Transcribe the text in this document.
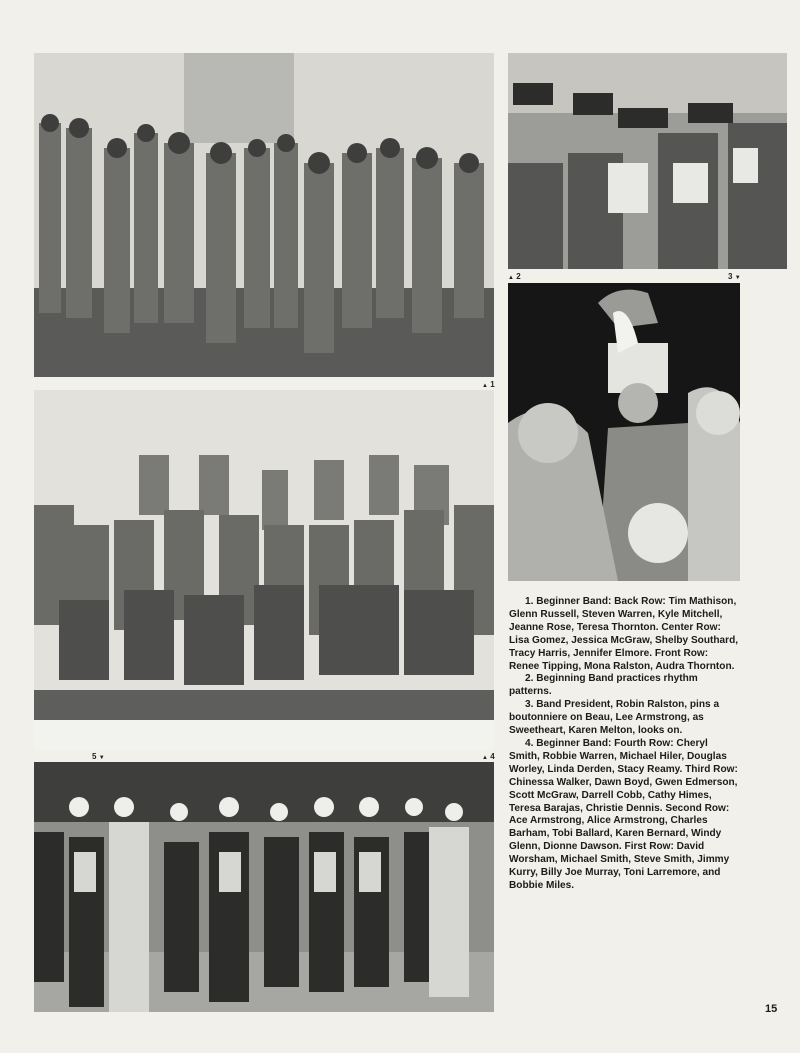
▲ 1
▲ 2	3 ▼
5 ▼	▲ 4

1. Beginner Band: Back Row: Tim Mathison, Glenn Russell, Steven Warren, Kyle Mitchell, Jeanne Rose, Teresa Thornton. Center Row: Lisa Gomez, Jessica McGraw, Shelby Southard, Tracy Harris, Jennifer Elmore. Front Row: Renee Tipping, Mona Ralston, Audra Thornton.

2. Beginning Band practices rhythm patterns.

3. Band President, Robin Ralston, pins a boutonniere on Beau, Lee Armstrong, as Sweetheart, Karen Melton, looks on.

4. Beginner Band: Fourth Row: Cheryl Smith, Robbie Warren, Michael Hiler, Douglas Worley, Linda Derden, Stacy Reamy. Third Row: Chinessa Walker, Dawn Boyd, Gwen Edmerson, Scott McGraw, Darrell Cobb, Cathy Himes, Teresa Barajas, Christie Dennis. Second Row: Ace Armstrong, Alice Armstrong, Charles Barham, Tobi Ballard, Karen Bernard, Windy Glenn, Dionne Dawson. First Row: David Worsham, Michael Smith, Steve Smith, Jimmy Kurry, Billy Joe Murray, Toni Larremore, and Bobbie Miles.

15
